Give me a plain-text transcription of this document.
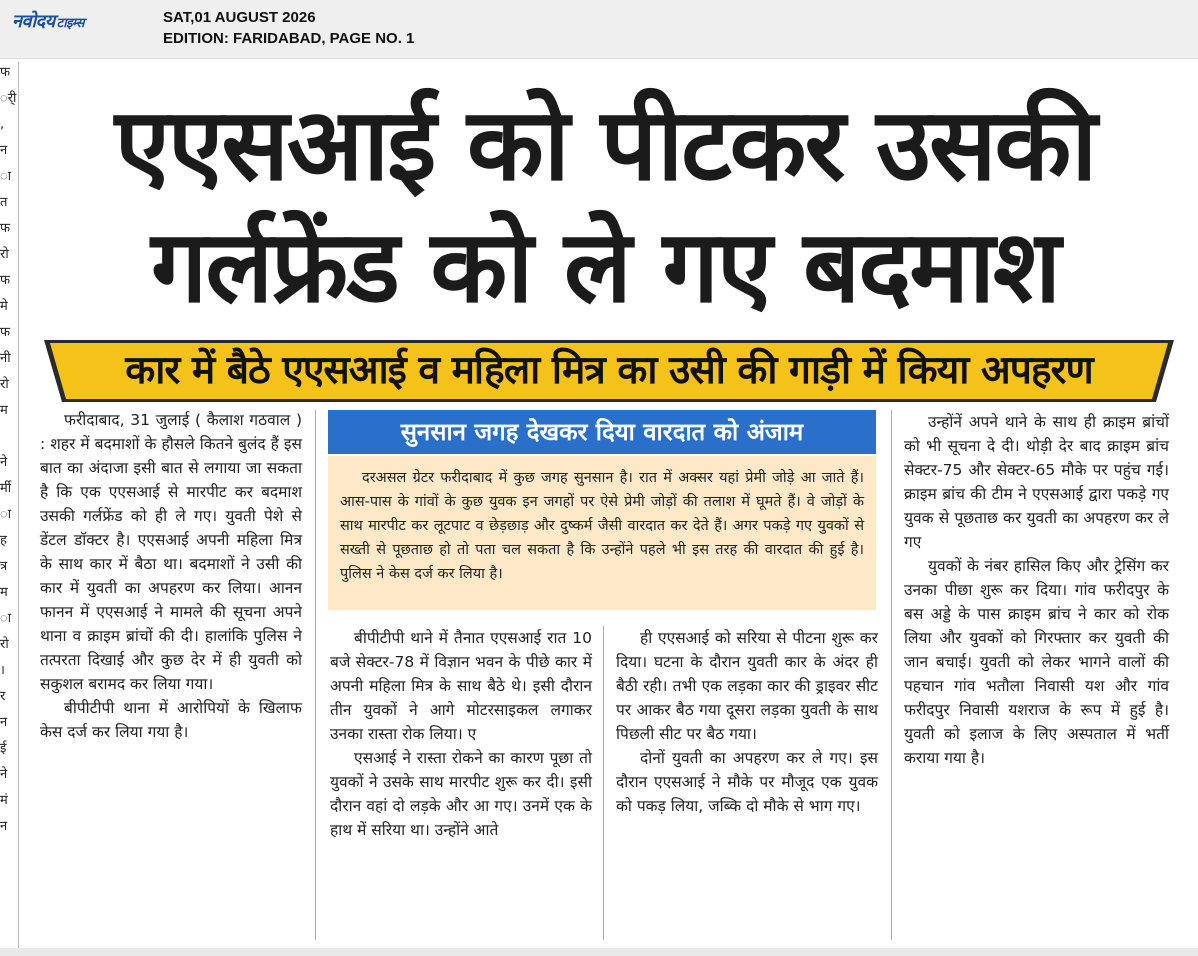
नवोदय टाइम्स	SAT,01 AUGUST 2026
EDITION: FARIDABAD, PAGE NO. 1
फ
र्ी
,
न
ा
त
फ
रो
फ
मे
फ
नी
रो
म
ने
र्मी
ा
ह
त्र
म
ा
रो
।
र
न
ई
ने
मं
न
एएसआई को पीटकर उसकी
गर्लफ्रेंड को ले गए बदमाश
कार में बैठे एएसआई व महिला मित्र का उसी की गाड़ी में किया अपहरण

फरीदाबाद, 31 जुलाई ( कैलाश गठवाल ) : शहर में बदमाशों के हौसले कितने बुलंद हैं इस बात का अंदाजा इसी बात से लगाया जा सकता है कि एक एएसआई से मारपीट कर बदमाश उसकी गर्लफ्रेंड को ही ले गए। युवती पेशे से डेंटल डॉक्टर है। एएसआई अपनी महिला मित्र के साथ कार में बैठा था। बदमाशों ने उसी की कार में युवती का अपहरण कर लिया। आनन फानन में एएसआई ने मामले की सूचना अपने थाना व क्राइम ब्रांचों की दी। हालांकि पुलिस ने तत्परता दिखाई और कुछ देर में ही युवती को सकुशल बरामद कर लिया गया।

बीपीटीपी थाना में आरोपियों के खिलाफ केस दर्ज कर लिया गया है।

सुनसान जगह देखकर दिया वारदात को अंजाम
दरअसल ग्रेटर फरीदाबाद में कुछ जगह सुनसान है। रात में अक्सर यहां प्रेमी जोड़े आ जाते हैं। आस-पास के गांवों के कुछ युवक इन जगहों पर ऐसे प्रेमी जोड़ों की तलाश में घूमते हैं। वे जोड़ों के साथ मारपीट कर लूटपाट व छेड़छाड़ और दुष्कर्म जैसी वारदात कर देते हैं। अगर पकड़े गए युवकों से सख्ती से पूछताछ हो तो पता चल सकता है कि उन्होंने पहले भी इस तरह की वारदात की हुई है। पुलिस ने केस दर्ज कर लिया है।

बीपीटीपी थाने में तैनात एएसआई रात 10 बजे सेक्टर-78 में विज्ञान भवन के पीछे कार में अपनी महिला मित्र के साथ बैठे थे। इसी दौरान तीन युवकों ने आगे मोटरसाइकल लगाकर उनका रास्ता रोक लिया। ए

एसआई ने रास्ता रोकने का कारण पूछा तो युवकों ने उसके साथ मारपीट शुरू कर दी। इसी दौरान वहां दो लड़के और आ गए। उनमें एक के हाथ में सरिया था। उन्होंने आते

ही एएसआई को सरिया से पीटना शुरू कर दिया। घटना के दौरान युवती कार के अंदर ही बैठी रही। तभी एक लड़का कार की ड्राइवर सीट पर आकर बैठ गया दूसरा लड़का युवती के साथ पिछली सीट पर बैठ गया।

दोनों युवती का अपहरण कर ले गए। इस दौरान एएसआई ने मौके पर मौजूद एक युवक को पकड़ लिया, जब्कि दो मौके से भाग गए।

उन्होंनें अपने थाने के साथ ही क्राइम ब्रांचों को भी सूचना दे दी। थोड़ी देर बाद क्राइम ब्रांच सेक्टर-75 और सेक्टर-65 मौके पर पहुंच गई। क्राइम ब्रांच की टीम ने एएसआई द्वारा पकड़े गए युवक से पूछताछ कर युवती का अपहरण कर ले गए

युवकों के नंबर हासिल किए और ट्रेसिंग कर उनका पीछा शुरू कर दिया। गांव फरीदपुर के बस अड्डे के पास क्राइम ब्रांच ने कार को रोक लिया और युवकों को गिरफ्तार कर युवती की जान बचाई। युवती को लेकर भागने वालों की पहचान गांव भतौला निवासी यश और गांव फरीदपुर निवासी यशराज के रूप में हुई है। युवती को इलाज के लिए अस्पताल में भर्ती कराया गया है।
